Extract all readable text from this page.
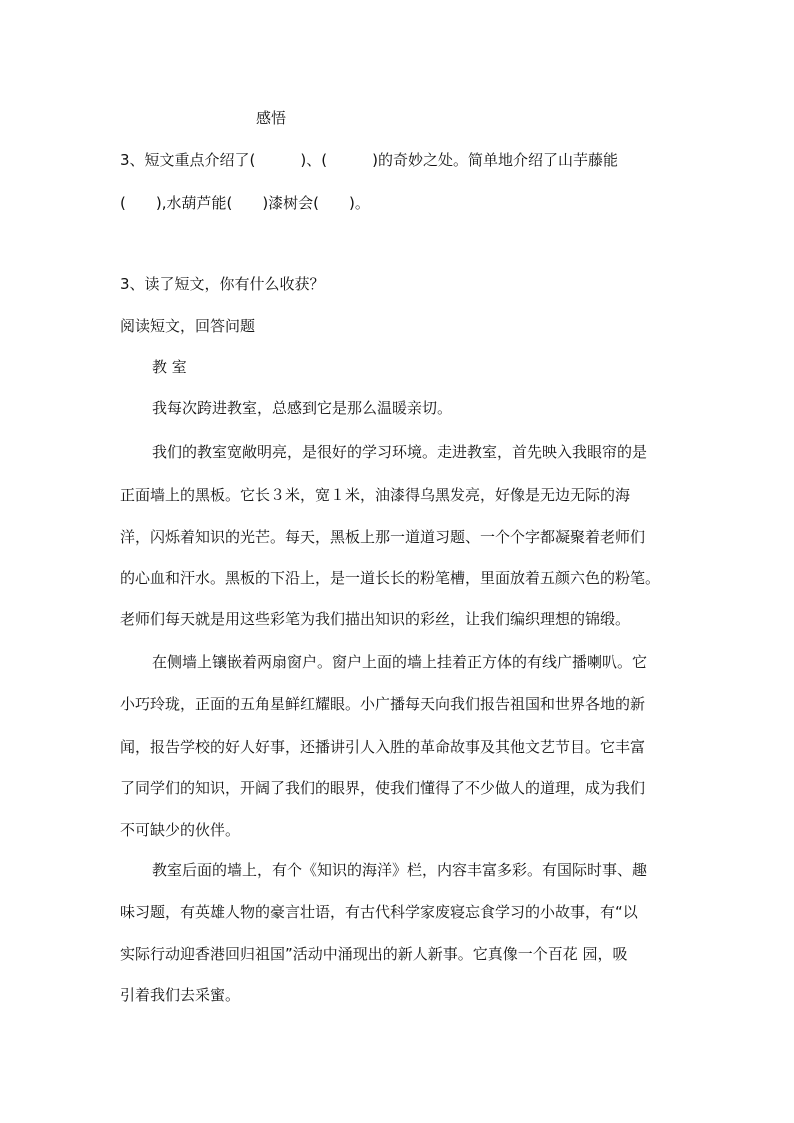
感悟
3、短文重点介绍了(　　　)、(　　　)的奇妙之处。简单地介绍了山芋藤能
(　　),水葫芦能(　　)漆树会(　　)。
3、读了短文，你有什么收获？
阅读短文，回答问题
教 室
我每次跨进教室，总感到它是那么温暖亲切。
我们的教室宽敞明亮，是很好的学习环境。走进教室，首先映入我眼帘的是
正面墙上的黑板。它长３米，宽１米，油漆得乌黑发亮，好像是无边无际的海
洋，闪烁着知识的光芒。每天，黑板上那一道道习题、一个个字都凝聚着老师们
的心血和汗水。黑板的下沿上，是一道长长的粉笔槽，里面放着五颜六色的粉笔。
老师们每天就是用这些彩笔为我们描出知识的彩丝，让我们编织理想的锦缎。
在侧墙上镶嵌着两扇窗户。窗户上面的墙上挂着正方体的有线广播喇叭。它
小巧玲珑，正面的五角星鲜红耀眼。小广播每天向我们报告祖国和世界各地的新
闻，报告学校的好人好事，还播讲引人入胜的革命故事及其他文艺节目。它丰富
了同学们的知识，开阔了我们的眼界，使我们懂得了不少做人的道理，成为我们
不可缺少的伙伴。
教室后面的墙上，有个《知识的海洋》栏，内容丰富多彩。有国际时事、趣
味习题，有英雄人物的豪言壮语，有古代科学家废寝忘食学习的小故事，有“以
实际行动迎香港回归祖国”活动中涌现出的新人新事。它真像一个百花 园，吸
引着我们去采蜜。
